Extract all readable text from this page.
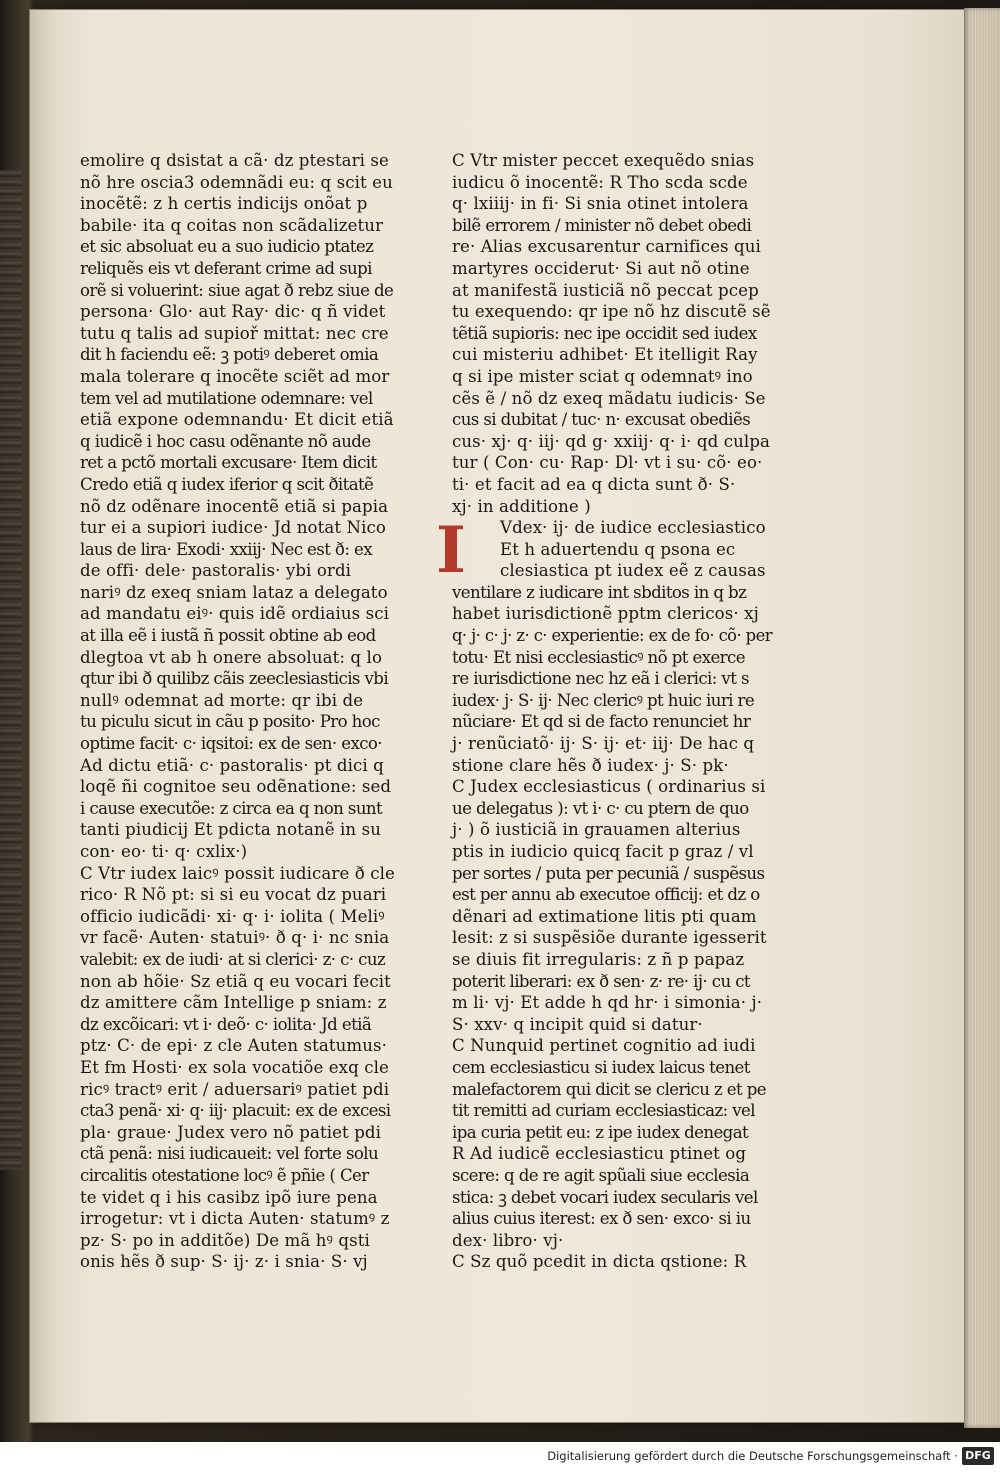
emolire q dsistat a cã· dz ptestari se
nõ hre oscia3 odemnãdi eu: q scit eu
inocẽtẽ: z h certis indicijs onõat p
babile· ita q coitas non scãdalizetur
et sic absoluat eu a suo iudicio ptatez
reliquẽs eis vt deferant crime ad supi
orẽ si voluerint: siue agat ð rebz siue de
persona· Glo· aut Ray· dic· q ñ videt
tutu q talis ad supioř mittat: nec cre
dit h faciendu eẽ: ꝫ potiꝰ deberet omia
mala tolerare q inocẽte sciẽt ad mor
tem vel ad mutilatione odemnare: vel
etiã expone odemnandu· Et dicit etiã
q iudicẽ i hoc casu odẽnante nõ aude
ret a pctõ mortali excusare· Item dicit
Credo etiã q iudex iferior q scit ðitatẽ
nõ dz odẽnare inocentẽ etiã si papia
tur ei a supiori iudice· Jd notat Nico
laus de lira· Exodi· xxiij· Nec est ð: ex
de offi· dele· pastoralis· ybi ordi
nariꝰ dz exeq sniam lataz a delegato
ad mandatu eiꝰ· quis idẽ ordiaius sci
at illa eẽ i iustã ñ possit obtine ab eod
dlegtoa vt ab h onere absoluat: q lo
qtur ibi ð quilibz cãis zeeclesiasticis vbi
nullꝰ odemnat ad morte: qr ibi de
tu piculu sicut in cãu p posito· Pro hoc
optime facit· c· iqsitoi: ex de sen· exco·
Ad dictu etiã· c· pastoralis· pt dici q
loqẽ ñi cognitoe seu odẽnatione: sed
i cause executõe: z circa ea q non sunt
tanti piudicij Et pdicta notanẽ in su
con· eo· ti· q· cxlix·)
C Vtr iudex laicꝰ possit iudicare ð cle
rico· R Nõ pt: si si eu vocat dz puari
officio iudicãdi· xi· q· i· iolita ( Meliꝰ
vr facẽ· Auten· statuiꝰ· ð q· i· nc snia
valebit: ex de iudi· at si clerici· z· c· cuz
non ab hõie· Sz etiã q eu vocari fecit
dz amittere cãm Intellige p sniam: z
dz excõicari: vt i· deõ· c· iolita· Jd etiã
ptz· C· de epi· z cle Auten statumus·
Et fm Hosti· ex sola vocatiõe exq cle
ricꝰ tractꝰ erit / aduersariꝰ patiet pdi
cta3 penã· xi· q· iij· placuit: ex de excesi
pla· graue· Judex vero nõ patiet pdi
ctã penã: nisi iudicaueit: vel forte solu
circalitis otestatione locꝰ ẽ pñie ( Cer
te videt q i his casibz ipõ iure pena
irrogetur: vt i dicta Auten· statumꝰ z
pz· S· po in additõe) De mã hꝰ qsti
onis hẽs ð sup· S· ij· z· i snia· S· vj
C Vtr mister peccet exequẽdo snias
iudicu õ inocentẽ: R Tho scda scde
q· lxiiij· in fi· Si snia otinet intolera
bilẽ errorem / minister nõ debet obedi
re· Alias excusarentur carnifices qui
martyres occiderut· Si aut nõ otine
at manifestã iusticiã nõ peccat pcep
tu exequendo: qr ipe nõ hz discutẽ sẽ
tẽtiã supioris: nec ipe occidit sed iudex
cui misteriu adhibet· Et itelligit Ray
q si ipe mister sciat q odemnatꝰ ino
cẽs ẽ / nõ dz exeq mãdatu iudicis· Se
cus si dubitat / tuc· n· excusat obediẽs
cus· xj· q· iij· qd g· xxiij· q· i· qd culpa
tur ( Con· cu· Rap· Dl· vt i su· cõ· eo·
ti· et facit ad ea q dicta sunt ð· S·
xj· in additione )
I Vdex· ij· de iudice ecclesiastico
Et h aduertendu q psona ec
clesiastica pt iudex eẽ z causas
ventilare z iudicare int sbditos in q bz
habet iurisdictionẽ pptm clericos· xj
q· j· c· j· z· c· experientie: ex de fo· cõ· per
totu· Et nisi ecclesiasticꝰ nõ pt exerce
re iurisdictione nec hz eã i clerici: vt s
iudex· j· S· ij· Nec clericꝰ pt huic iuri re
nũciare· Et qd si de facto renunciet hr
j· renũciatõ· ij· S· ij· et· iij· De hac q
stione clare hẽs ð iudex· j· S· pk·
C Judex ecclesiasticus ( ordinarius si
ue delegatus ): vt i· c· cu ptern de quo
j· ) õ iusticiã in grauamen alterius
ptis in iudicio quicq facit p graz / vl
per sortes / puta per pecuniã / suspẽsus
est per annu ab executoe officij: et dz o
dẽnari ad extimatione litis pti quam
lesit: z si suspẽsiõe durante igesserit
se diuis fit irregularis: z ñ p papaz
poterit liberari: ex ð sen· z· re· ij· cu ct
m li· vj· Et adde h qd hr· i simonia· j·
S· xxv· q incipit quid si datur·
C Nunquid pertinet cognitio ad iudi
cem ecclesiasticu si iudex laicus tenet
malefactorem qui dicit se clericu z et pe
tit remitti ad curiam ecclesiasticaz: vel
ipa curia petit eu: z ipe iudex denegat
R Ad iudicẽ ecclesiasticu ptinet og
scere: q de re agit spũali siue ecclesia
stica: ꝫ debet vocari iudex secularis vel
alius cuius iterest: ex ð sen· exco· si iu
dex· libro· vj·
C Sz quõ pcedit in dicta qstione: R
Digitalisierung gefördert durch die Deutsche Forschungsgemeinschaft · DFG
